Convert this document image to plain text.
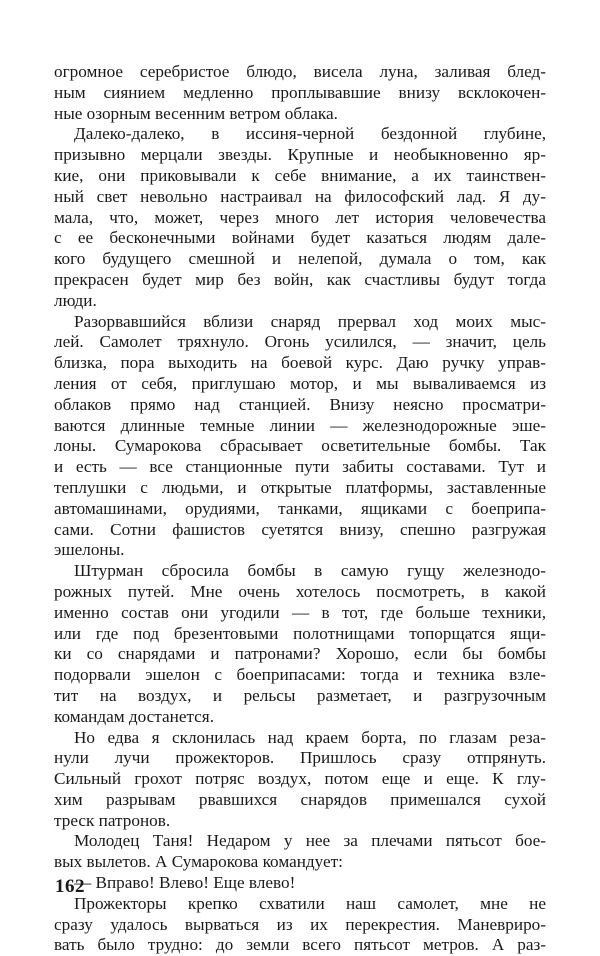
огромное серебристое блюдо, висела луна, заливая блед-
ным сиянием медленно проплывавшие внизу всклокочен-
ные озорным весенним ветром облака.
Далеко-далеко, в иссиня-черной бездонной глубине,
призывно мерцали звезды. Крупные и необыкновенно яр-
кие, они приковывали к себе внимание, а их таинствен-
ный свет невольно настраивал на философский лад. Я ду-
мала, что, может, через много лет история человечества
с ее бесконечными войнами будет казаться людям дале-
кого будущего смешной и нелепой, думала о том, как
прекрасен будет мир без войн, как счастливы будут тогда
люди.
Разорвавшийся вблизи снаряд прервал ход моих мыс-
лей. Самолет тряхнуло. Огонь усилился, — значит, цель
близка, пора выходить на боевой курс. Даю ручку управ-
ления от себя, приглушаю мотор, и мы вываливаемся из
облаков прямо над станцией. Внизу неясно просматри-
ваются длинные темные линии — железнодорожные эше-
лоны. Сумарокова сбрасывает осветительные бомбы. Так
и есть — все станционные пути забиты составами. Тут и
теплушки с людьми, и открытые платформы, заставленные
автомашинами, орудиями, танками, ящиками с боеприпа-
сами. Сотни фашистов суетятся внизу, спешно разгружая
эшелоны.
Штурман сбросила бомбы в самую гущу железнодо-
рожных путей. Мне очень хотелось посмотреть, в какой
именно состав они угодили — в тот, где больше техники,
или где под брезентовыми полотнищами топорщатся ящи-
ки со снарядами и патронами? Хорошо, если бы бомбы
подорвали эшелон с боеприпасами: тогда и техника взле-
тит на воздух, и рельсы разметает, и разгрузочным
командам достанется.
Но едва я склонилась над краем борта, по глазам реза-
нули лучи прожекторов. Пришлось сразу отпрянуть.
Сильный грохот потряс воздух, потом еще и еще. К глу-
хим разрывам рвавшихся снарядов примешался сухой
треск патронов.
Молодец Таня! Недаром у нее за плечами пятьсот бое-
вых вылетов. А Сумарокова командует:
— Вправо! Влево! Еще влево!
Прожекторы крепко схватили наш самолет, мне не
сразу удалось вырваться из их перекрестия. Маневриро-
вать было трудно: до земли всего пятьсот метров. А раз-
162
